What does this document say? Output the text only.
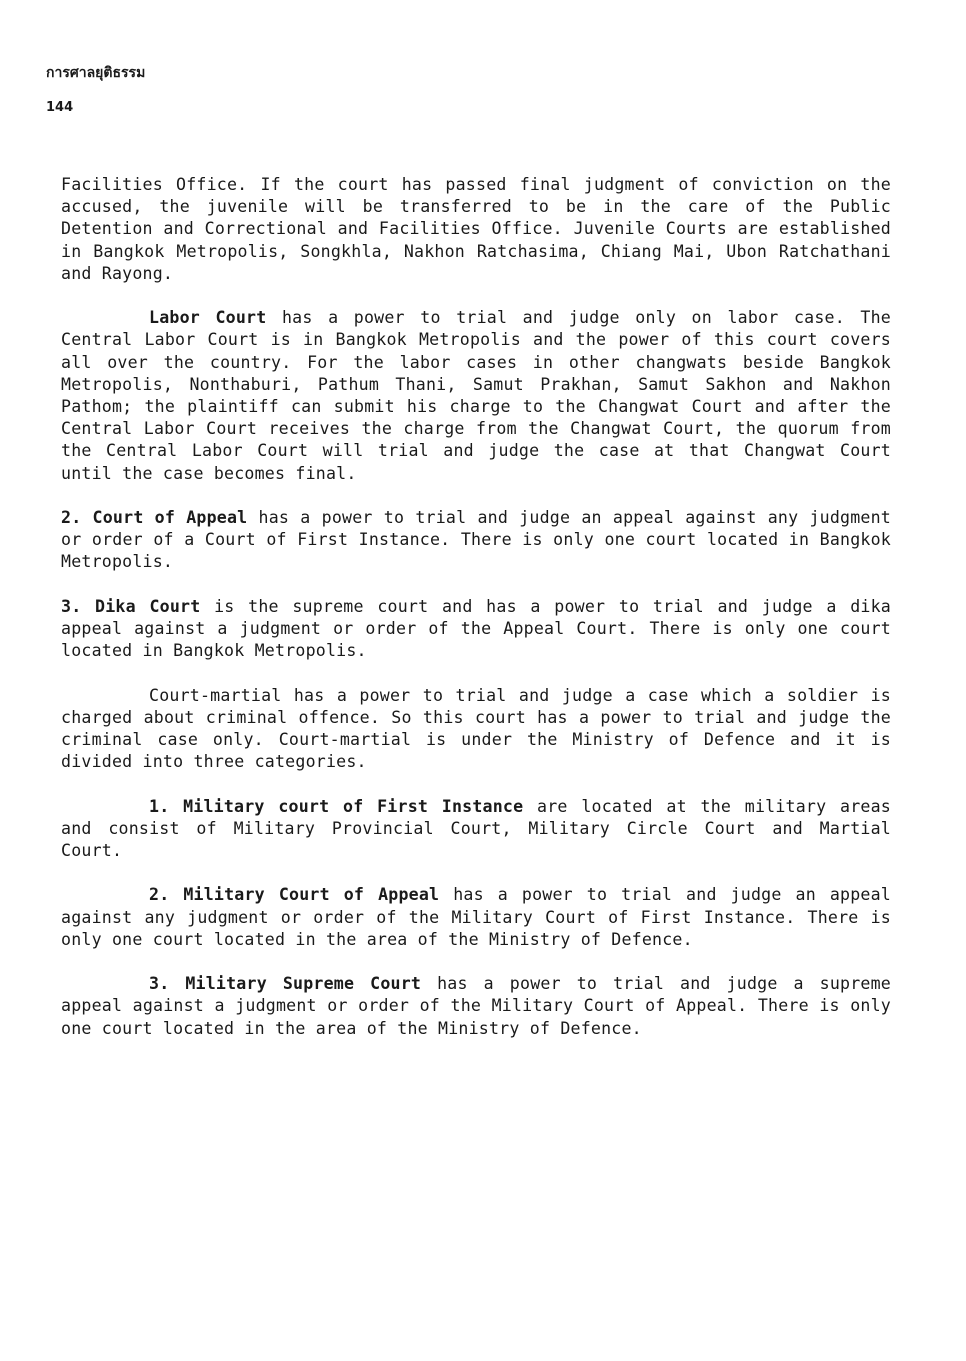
การศาลยุติธรรม
144

Facilities Office. If the court has passed final judgment of conviction on the accused, the juvenile will be transferred to be in the care of the Public Detention and Correctional and Facilities Office. Juvenile Courts are established in Bangkok Metropolis, Songkhla, Nakhon Ratchasima, Chiang Mai, Ubon Ratchathani and Rayong.

Labor Court has a power to trial and judge only on labor case. The Central Labor Court is in Bangkok Metropolis and the power of this court covers all over the country. For the labor cases in other changwats beside Bangkok Metropolis, Nonthaburi, Pathum Thani, Samut Prakhan, Samut Sakhon and Nakhon Pathom; the plaintiff can submit his charge to the Changwat Court and after the Central Labor Court receives the charge from the Changwat Court, the quorum from the Central Labor Court will trial and judge the case at that Changwat Court until the case becomes final.

2. Court of Appeal has a power to trial and judge an appeal against any judgment or order of a Court of First Instance. There is only one court located in Bangkok Metropolis.

3. Dika Court is the supreme court and has a power to trial and judge a dika appeal against a judgment or order of the Appeal Court. There is only one court located in Bangkok Metropolis.

Court-martial has a power to trial and judge a case which a soldier is charged about criminal offence. So this court has a power to trial and judge the criminal case only. Court-martial is under the Ministry of Defence and it is divided into three categories.

1. Military court of First Instance are located at the military areas and consist of Military Provincial Court, Military Circle Court and Martial Court.

2. Military Court of Appeal has a power to trial and judge an appeal against any judgment or order of the Military Court of First Instance. There is only one court located in the area of the Ministry of Defence.

3. Military Supreme Court has a power to trial and judge a supreme appeal against a judgment or order of the Military Court of Appeal. There is only one court located in the area of the Ministry of Defence.
